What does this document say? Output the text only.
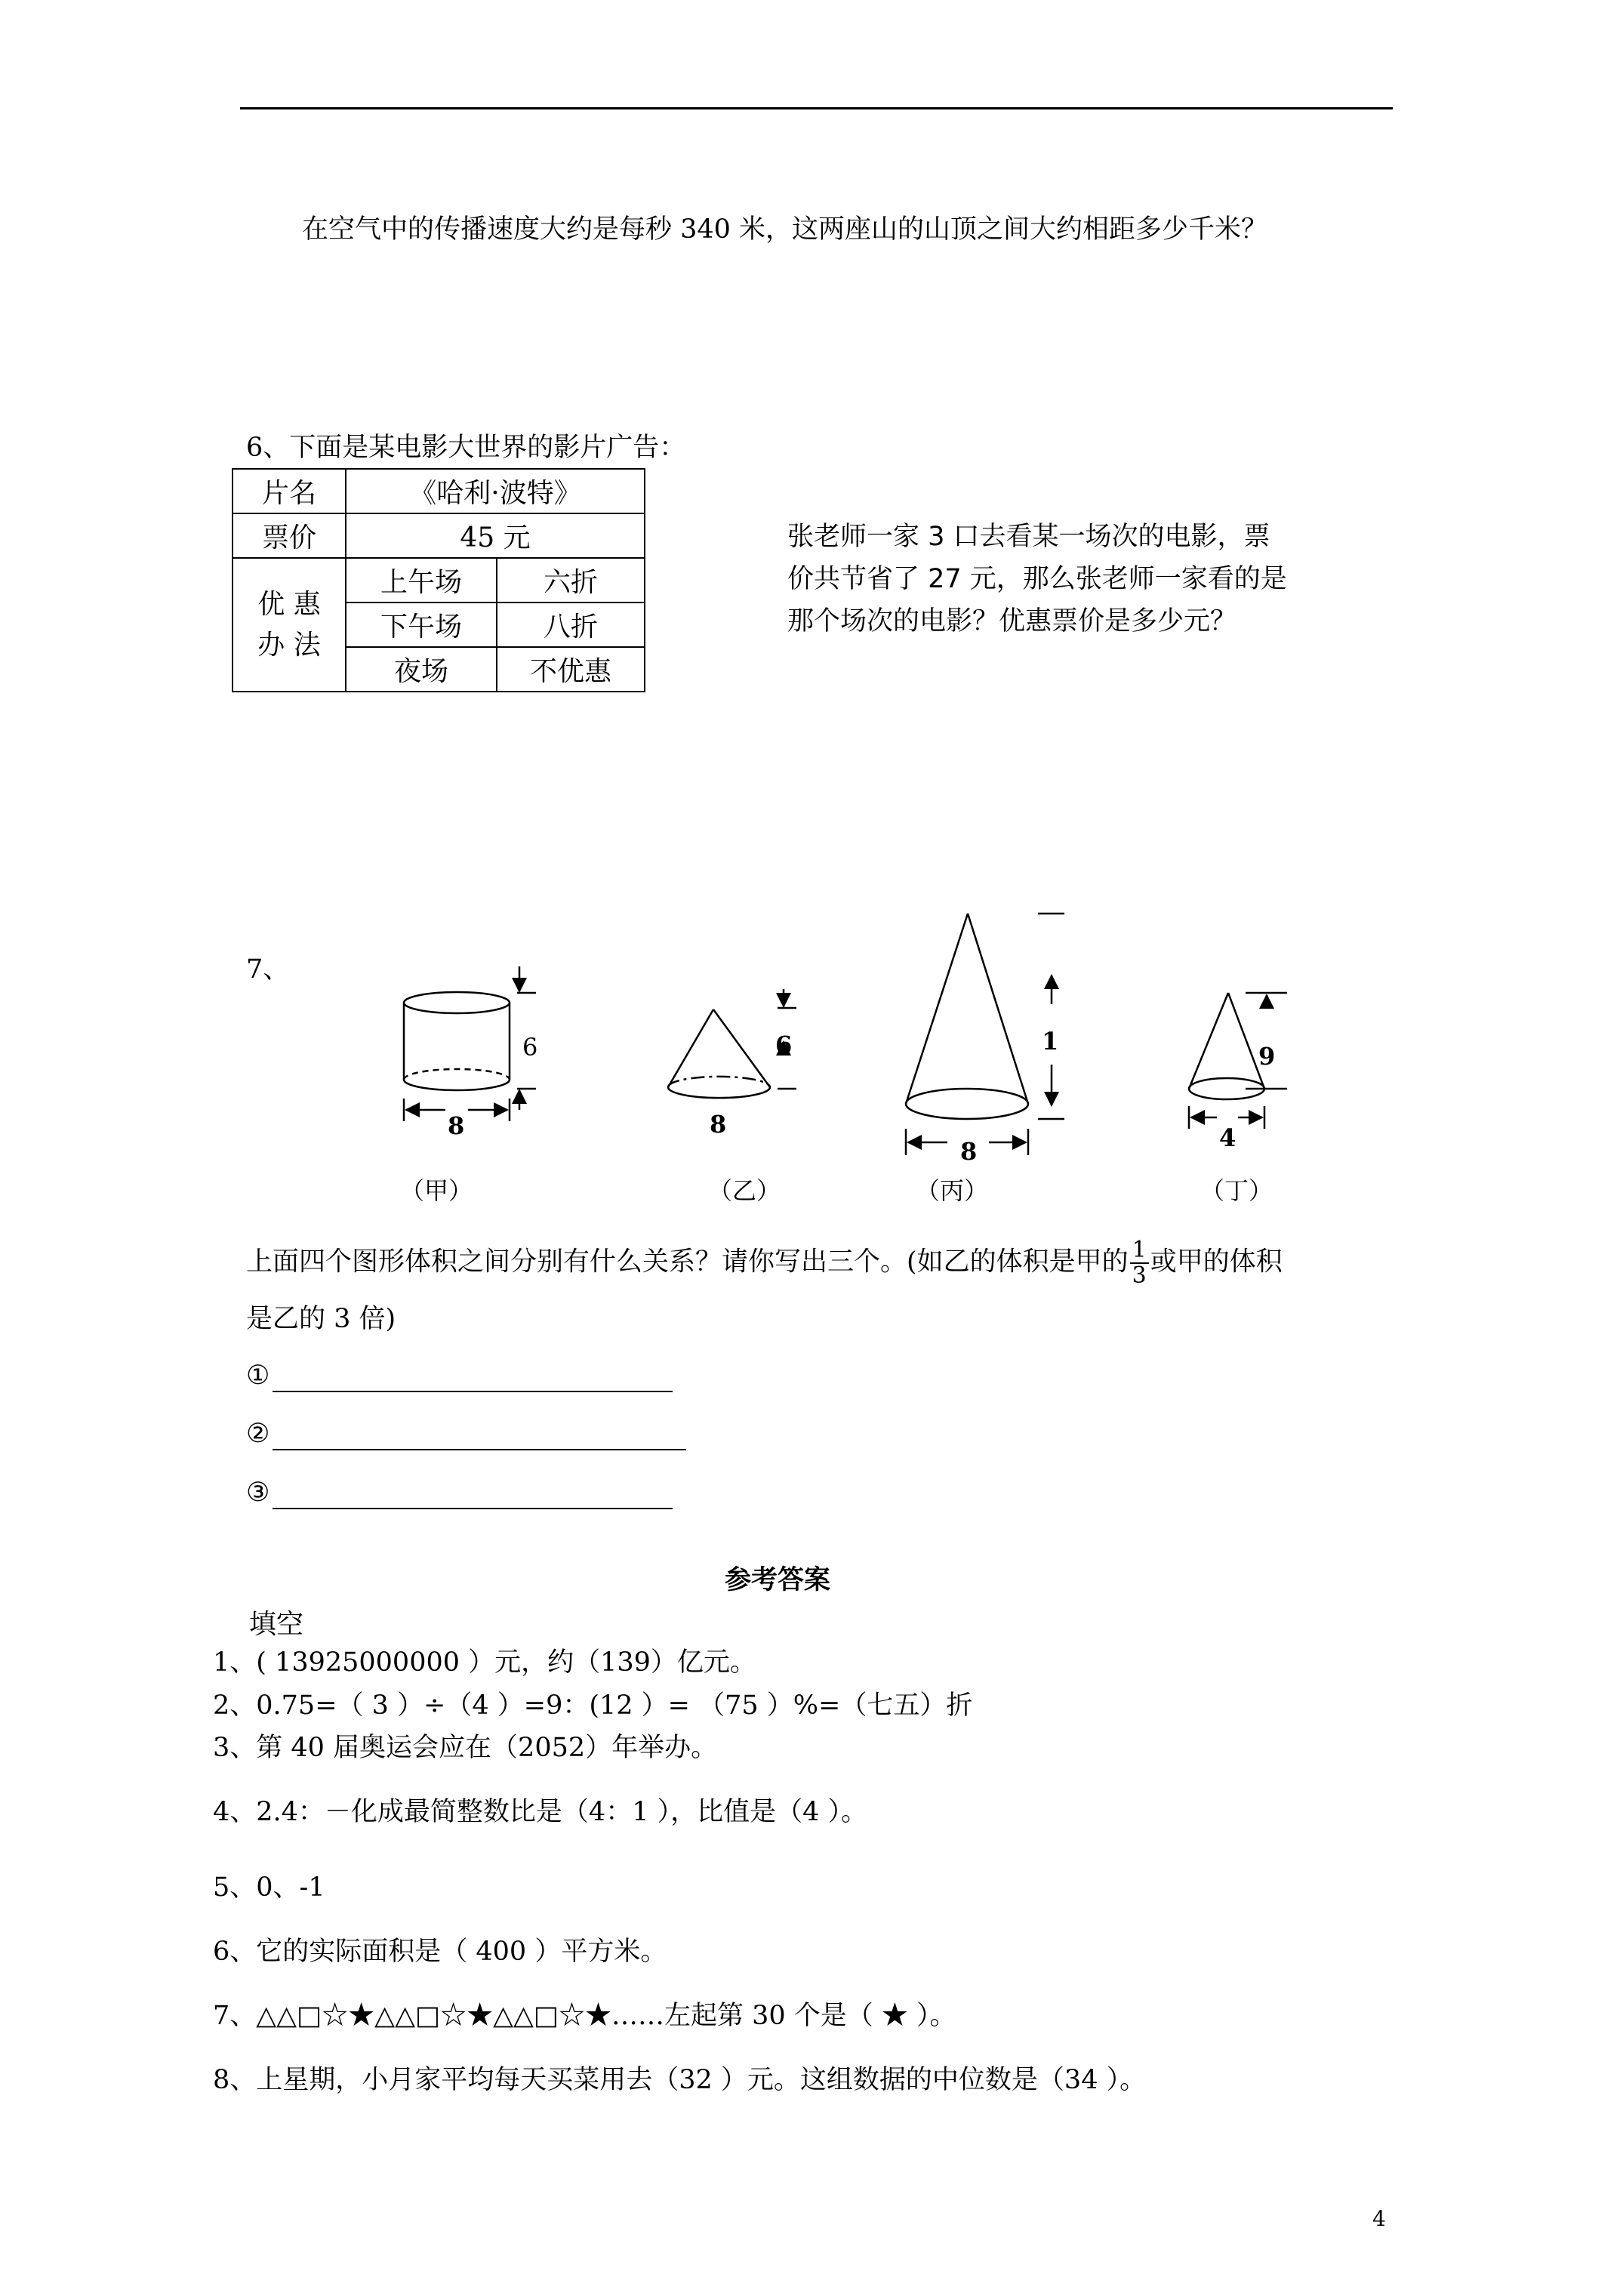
在空气中的传播速度大约是每秒 340 米，这两座山的山顶之间大约相距多少千米？
6、下面是某电影大世界的影片广告：
片名	《哈利·波特》	
票价	45 元	
优 惠
办 法	上午场	六折
	下午场	八折
	夜场	不优惠
张老师一家 3 口去看某一场次的电影，票
价共节省了 27 元，那么张老师一家看的是
那个场次的电影？优惠票价是多少元？
7、
6
8
6
8
1
8
9
4
（甲）	（乙）	（丙）	（丁）
上面四个图形体积之间分别有什么关系？请你写出三个。(如乙的体积是甲的 $\frac{1}{3}$ 或甲的体积
是乙的 3 倍)
①
②
③
参考答案
填空
1、( 13925000000 ）元，约（139）亿元。
2、0.75=（ 3 ）÷（4 ）=9：(12 ）= （75 ）%=（七五）折
3、第 40 届奥运会应在（2052）年举办。
4、2.4：－化成最简整数比是（4：1 ），比值是（4 ）。
5、0、-1
6、它的实际面积是（ 400 ）平方米。
7、△△□☆★△△□☆★△△□☆★……左起第 30 个是（ ★ ）。
8、上星期，小月家平均每天买菜用去（32 ）元。这组数据的中位数是（34 ）。
4
